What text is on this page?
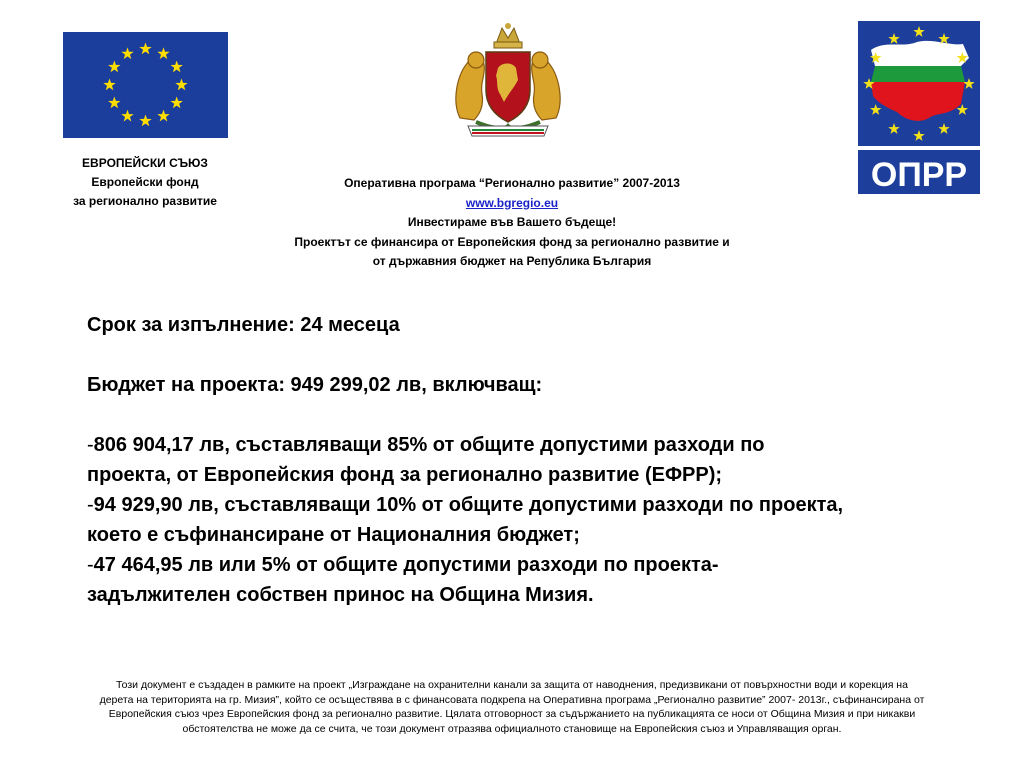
ОПРР
ЕВРОПЕЙСКИ СЪЮЗ
Европейски фонд
за регионално развитие
Оперативна програма “Регионално развитие” 2007-2013
www.bgregio.eu
Инвестираме във Вашето бъдеще!
Проектът се финансира от Европейския фонд за регионално развитие и
от държавния бюджет на Република България

Срок за изпълнение: 24 месеца

Бюджет на проекта: 949 299,02 лв, включващ:

-806 904,17 лв, съставляващи 85% от общите допустими разходи по

проекта, от Европейския фонд за регионално развитие (ЕФРР);

-94 929,90 лв, съставляващи 10% от общите допустими разходи по проекта,

което е съфинансиране от Националния бюджет;

-47 464,95 лв или 5% от общите допустими разходи по проекта-

задължителен собствен принос на Община Мизия.

Този документ е създаден в рамките на проект „Изграждане на охранителни канали за защита от наводнения, предизвикани от повърхностни води и корекция на
дерета на територията на гр. Мизия”, който се осъществява в с финансовата подкрепа на Оперативна програма „Регионално развитие” 2007- 2013г., съфинансирана от
Европейския съюз чрез Европейския фонд за регионално развитие. Цялата отговорност за съдържанието на публикацията се носи от Община Мизия и при никакви
обстоятелства не може да се счита, че този документ отразява официалното становище на Европейския съюз и Управляващия орган.
